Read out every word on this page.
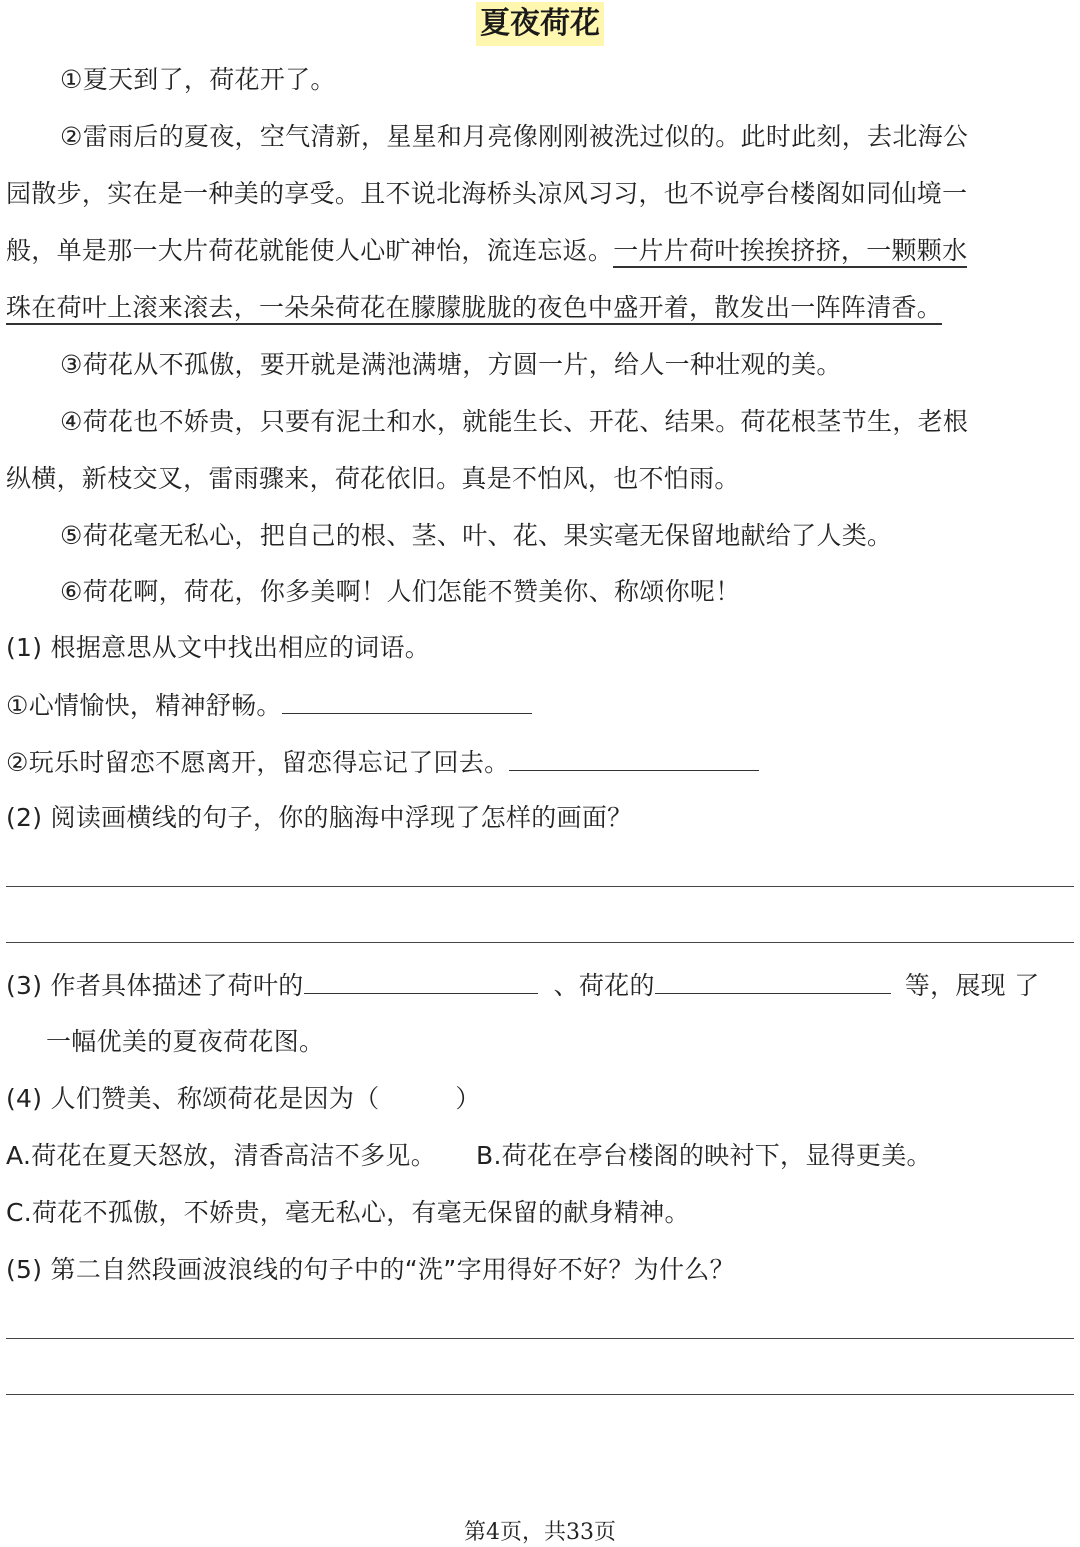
夏夜荷花
①夏天到了，荷花开了。
②雷雨后的夏夜，空气清新，星星和月亮像刚刚被洗过似的。此时此刻，去北海公
园散步，实在是一种美的享受。且不说北海桥头凉风习习，也不说亭台楼阁如同仙境一
般，单是那一大片荷花就能使人心旷神怡，流连忘返。一片片荷叶挨挨挤挤，一颗颗水
珠在荷叶上滚来滚去，一朵朵荷花在朦朦胧胧的夜色中盛开着，散发出一阵阵清香。
③荷花从不孤傲，要开就是满池满塘，方圆一片，给人一种壮观的美。
④荷花也不娇贵，只要有泥土和水，就能生长、开花、结果。荷花根茎节生，老根
纵横，新枝交叉，雷雨骤来，荷花依旧。真是不怕风，也不怕雨。
⑤荷花毫无私心，把自己的根、茎、叶、花、果实毫无保留地献给了人类。
⑥荷花啊，荷花，你多美啊！人们怎能不赞美你、称颂你呢！
(1) 根据意思从文中找出相应的词语。
①心情愉快，精神舒畅。
②玩乐时留恋不愿离开，留恋得忘记了回去。
(2) 阅读画横线的句子，你的脑海中浮现了怎样的画面？
(3) 作者具体描述了荷叶的	、荷花的	等，展现 了
一幅优美的夏夜荷花图。
(4) 人们赞美、称颂荷花是因为（　　　）
A.荷花在夏天怒放，清香高洁不多见。 B.荷花在亭台楼阁的映衬下，显得更美。
C.荷花不孤傲，不娇贵，毫无私心，有毫无保留的献身精神。
(5) 第二自然段画波浪线的句子中的“洗”字用得好不好？为什么？
第4页，共33页
